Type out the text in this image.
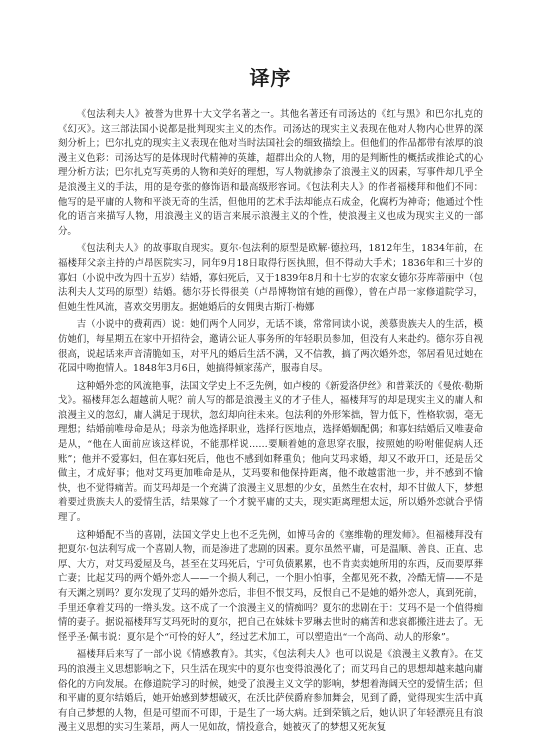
译序

《包法利夫人》被誉为世界十大文学名著之一。其他名著还有司汤达的《红与黑》和巴尔扎克的《幻灭》。这三部法国小说都是批判现实主义的杰作。司汤达的现实主义表现在他对人物内心世界的深刻分析上；巴尔扎克的现实主义表现在他对当时法国社会的细致描绘上。但他们的作品都带有浓厚的浪漫主义色彩：司汤达写的是体现时代精神的英雄，超群出众的人物，用的是判断性的概括或推论式的心理分析方法；巴尔扎克写英勇的人物和美好的理想，写人物就掺杂了浪漫主义的因素，写事件却几乎全是浪漫主义的手法，用的是夸张的修饰语和最高级形容词。《包法利夫人》的作者福楼拜和他们不同：他写的是平庸的人物和平淡无奇的生活，但他用的艺术手法却能点石成金，化腐朽为神奇；他通过个性化的语言来描写人物，用浪漫主义的语言来展示浪漫主义的个性，使浪漫主义也成为现实主义的一部分。

《包法利夫人》的故事取自现实。夏尔·包法利的原型是欧解·德拉玛，1812年生，1834年前，在福楼拜父亲主持的卢昂医院实习，同年9月18日取得行医执照，但不得动大手术；1836年和三十岁的寡妇（小说中改为四十五岁）结婚，寡妇死后，又于1839年8月和十七岁的农家女德尔芬库蒂丽中（包法利夫人艾玛的原型）结婚。德尔芬长得很美（卢昂博物馆有她的画像），曾在卢昂一家修道院学习，但她生性风流，喜欢交男朋友。据她婚后的女佣奥古斯汀·梅娜

吉（小说中的费莉西）说：她们两个人同岁，无话不谈，常常同读小说，羡慕贵族夫人的生活，模仿她们，每星期五在家中开招待会，邀请公证人事务所的年轻职员参加，但没有人来赴约。德尔芬自视很高，说起话来声音清脆如玉，对平凡的婚后生活不满，又不信教，搞了两次婚外恋，邻居看见过她在花园中吻抱情人。1848年3月6日，她搞得倾家荡产，服毒自尽。

这种婚外恋的风流艳事，法国文学史上不乏先例，如卢梭的《新爱洛伊丝》和普莱沃的《曼侬·勒斯戈》。福楼拜怎么超越前人呢？前人写的都是浪漫主义的才子佳人，福楼拜写的却是现实主义的庸人和浪漫主义的忽幻，庸人满足于现状，忽幻却向往未来。包法利的外形笨拙，智力低下，性格软弱，毫无理想；结婚前唯母命是从；母亲为他选择职业，选择行医地点，选择婚姻配偶；和寡妇结婚后又唯妻命是从，“他在人面前应该这样说，不能那样说……要顺着她的意思穿衣服，按照她的吩咐催促病人还账”；他并不爱寡妇，但在寡妇死后，他也不感到如释重负；他向艾玛求婚，却又不敢开口，还是岳父做主，才成好事；他对艾玛更加唯命是从，艾玛要和他保持距离，他不敢越雷池一步，并不感到不愉快，也不觉得痛苦。而艾玛却是一个充满了浪漫主义思想的少女，虽然生在农村，却不甘做人下，梦想着要过贵族夫人的爱情生活，结果嫁了一个才貌平庸的丈夫，现实距离理想太远，所以婚外恋就合乎情理了。

这种婚配不当的喜剧，法国文学史上也不乏先例，如博马舍的《塞维勒的理发师》。但福楼拜没有把夏尔·包法利写成一个喜剧人物，而是渗进了悲剧的因素。夏尔虽然平庸，可是温顺、善良、正直、忠厚、大方，对艾玛爱屋及乌，甚至在艾玛死后，宁可负债累累，也不肯卖卖她所用的东西，反而要厚葬亡妻；比起艾玛的两个婚外恋人——一个损人利己，一个胆小怕事，全都见死不救，冷酷无情——不是有天渊之别吗？夏尔发现了艾玛的婚外恋后，非但不恨艾玛，反恨自己不是她的婚外恋人，真到死前，手里还拿着艾玛的一绺头发。这不成了一个浪漫主义的情痴吗？夏尔的悲剧在于：艾玛不是一个值得痴情的妻子。据说福楼拜写艾玛死时的夏尔，把自己在妹妹卡罗琳去世时的痛苦和悲哀都搬注进去了。无怪乎圣·佩韦说：夏尔是个“可怜的好人”，经过艺术加工，可以塑造出“一个高尚、动人的形象”。

福楼拜后来写了一部小说《情感教育》。其实，《包法利夫人》也可以说是《浪漫主义教育》。在艾玛的浪漫主义思想影响之下，只生活在现实中的夏尔也变得浪漫化了；而艾玛自己的思想却越来越向庸俗化的方向发展。在修道院学习的时候，她受了浪漫主义文学的影响，梦想着海阔天空的爱情生活；但和平庸的夏尔结婚后，她开始感到梦想破灭，在沃比萨侯爵府参加舞会，见到了爵，觉得现实生活中真有自己梦想的人物，但是可望而不可即，于是生了一场大病。迁到荣镇之后，她认识了年轻漂亮且有浪漫主义思想的实习生莱昂，两人一见如故，情投意合，她被灭了的梦想又死灰复
